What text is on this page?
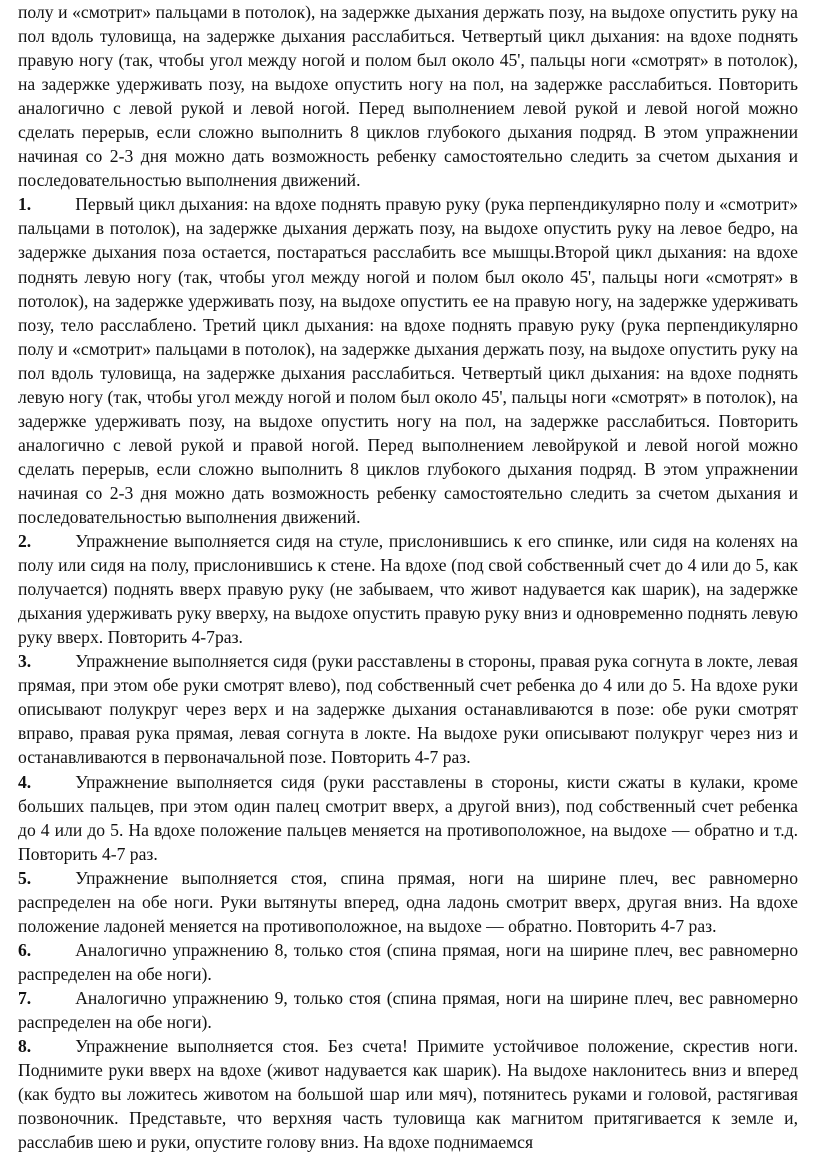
полу и «смотрит» пальцами в потолок), на задержке дыхания держать позу, на выдохе опустить руку на пол вдоль туловища, на задержке дыхания расслабиться. Четвертый цикл дыхания: на вдохе поднять правую ногу (так, чтобы угол между ногой и полом был около 45', пальцы ноги «смотрят» в потолок), на задержке удерживать позу, на выдохе опустить ногу на пол, на задержке расслабиться. Повторить аналогично с левой рукой и левой ногой. Перед выполнением левой рукой и левой ногой можно сделать перерыв, если сложно выполнить 8 циклов глубокого дыхания подряд. В этом упражнении начиная со 2-3 дня можно дать возможность ребенку самостоятельно следить за счетом дыхания и последовательностью выполнения движений.

1.	Первый цикл дыхания: на вдохе поднять правую руку (рука перпендикулярно полу и «смотрит» пальцами в потолок), на задержке дыхания держать позу, на выдохе опустить руку на левое бедро, на задержке дыхания поза остается, постараться расслабить все мышцы.Второй цикл дыхания: на вдохе поднять левую ногу (так, чтобы угол между ногой и полом был около 45', пальцы ноги «смотрят» в потолок), на задержке удерживать позу, на выдохе опустить ее на правую ногу, на задержке удерживать позу, тело расслаблено. Третий цикл дыхания: на вдохе поднять правую руку (рука перпендикулярно полу и «смотрит» пальцами в потолок), на задержке дыхания держать позу, на выдохе опустить руку на пол вдоль туловища, на задержке дыхания расслабиться. Четвертый цикл дыхания: на вдохе поднять левую ногу (так, чтобы угол между ногой и полом был около 45', пальцы ноги «смотрят» в потолок), на задержке удерживать позу, на выдохе опустить ногу на пол, на задержке расслабиться. Повторить аналогично с левой рукой и правой ногой. Перед выполнением левойрукой и левой ногой можно сделать перерыв, если сложно выполнить 8 циклов глубокого дыхания подряд. В этом упражнении начиная со 2-3 дня можно дать возможность ребенку самостоятельно следить за счетом дыхания и последовательностью выполнения движений.

2.	Упражнение выполняется сидя на стуле, прислонившись к его спинке, или сидя на коленях на полу или сидя на полу, прислонившись к стене. На вдохе (под свой собственный счет до 4 или до 5, как получается) поднять вверх правую руку (не забываем, что живот надувается как шарик), на задержке дыхания удерживать руку вверху, на выдохе опустить правую руку вниз и одновременно поднять левую руку вверх. Повторить 4-7раз.

3.	Упражнение выполняется сидя (руки расставлены в стороны, правая рука согнута в локте, левая прямая, при этом обе руки смотрят влево), под собственный счет ребенка до 4 или до 5. На вдохе руки описывают полукруг через верх и на задержке дыхания останавливаются в позе: обе руки смотрят вправо, правая рука прямая, левая согнута в локте. На выдохе руки описывают полукруг через низ и останавливаются в первоначальной позе. Повторить 4-7 раз.

4.	Упражнение выполняется сидя (руки расставлены в стороны, кисти сжаты в кулаки, кроме больших пальцев, при этом один палец смотрит вверх, а другой вниз), под собственный счет ребенка до 4 или до 5. На вдохе положение пальцев меняется на противоположное, на выдохе — обратно и т.д. Повторить 4-7 раз.

5.	Упражнение выполняется стоя, спина прямая, ноги на ширине плеч, вес равномерно распределен на обе ноги. Руки вытянуты вперед, одна ладонь смотрит вверх, другая вниз. На вдохе положение ладоней меняется на противоположное, на выдохе — обратно. Повторить 4-7 раз.

6.	Аналогично упражнению 8, только стоя (спина прямая, ноги на ширине плеч, вес равномерно распределен на обе ноги).

7.	Аналогично упражнению 9, только стоя (спина прямая, ноги на ширине плеч, вес равномерно распределен на обе ноги).

8.	Упражнение выполняется стоя. Без счета! Примите устойчивое положение, скрестив ноги. Поднимите руки вверх на вдохе (живот надувается как шарик). На выдохе наклонитесь вниз и вперед (как будто вы ложитесь животом на большой шар или мяч), потянитесь руками и головой, растягивая позвоночник. Представьте, что верхняя часть туловища как магнитом притягивается к земле и, расслабив шею и руки, опустите голову вниз. На вдохе поднимаемся
